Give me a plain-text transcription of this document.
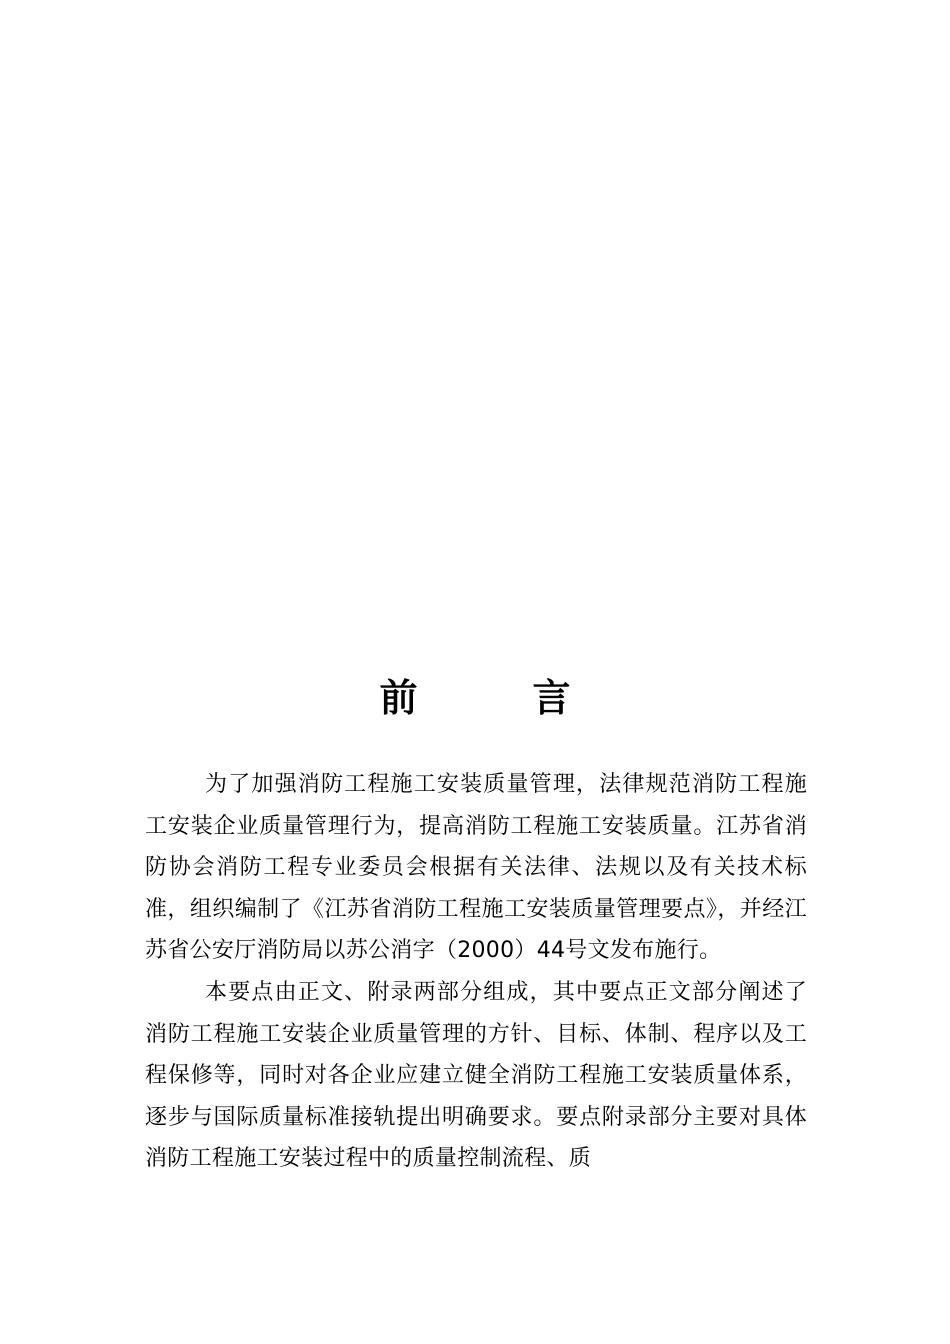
前	言

为了加强消防工程施工安装质量管理，法律规范消防工程施工安装企业质量管理行为，提高消防工程施工安装质量。江苏省消防协会消防工程专业委员会根据有关法律、法规以及有关技术标准，组织编制了《江苏省消防工程施工安装质量管理要点》，并经江苏省公安厅消防局以苏公消字（2000）44号文发布施行。

本要点由正文、附录两部分组成，其中要点正文部分阐述了消防工程施工安装企业质量管理的方针、目标、体制、程序以及工程保修等，同时对各企业应建立健全消防工程施工安装质量体系，逐步与国际质量标准接轨提出明确要求。要点附录部分主要对具体消防工程施工安装过程中的质量控制流程、质
